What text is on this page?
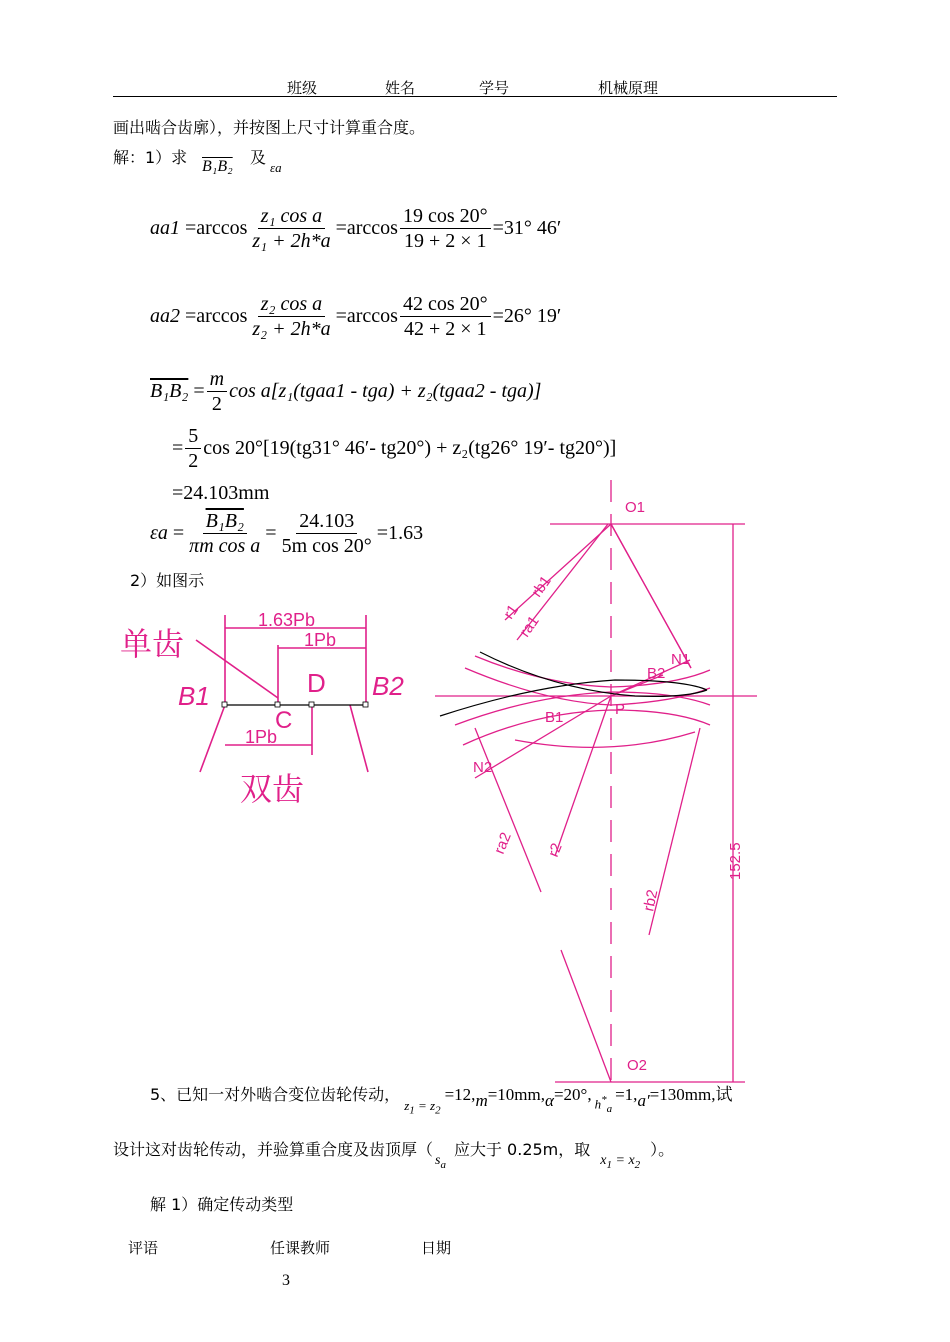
班级	姓名	学号	机械原理
画出啮合齿廓），并按图上尺寸计算重合度。
解：1）求 B₁B₂ 及
εa
$aa1 =\arccos \frac{\text{z₁ cos a}}{\text{z₁ + 2h*a}} =\arccos \frac{19 \cos 20^\circ}{19 + 2 \times 1} =31^\circ$ 46′
$aa2 =\arccos \frac{\text{z₂ cos a}}{\text{z₂ + 2h*a}} =\arccos \frac{42 \cos 20^\circ}{42 + 2 \times 1} =26^\circ$ 19′
$B_1B_2 = \frac{m}{2}$ cos a[z₁(tgaa1 - tga) + z₂(tgaa2 - tga)]
= $\frac{5}{2}$ cos 20°[19(tg31° 46′- tg20°) + z₂(tg26° 19′- tg20°)]
=24.103mm
$\varepsilon a = \frac{\text{B₁B₂}}{\text{πm cos a}} = \frac{24.103}{\text{5m cos 20°}} =1.63$
2）如图示
1.63Pb
1Pb
1Pb
单齿
双齿
B1	B2
C
D
O1
O2
N1
N2
B2
B1	P
rb1
r1
ra1
ra2 r2
rb2
152.5
5、已知一对外啮合变位齿轮传动，
$z_1 = z_2$
=12, m =10mm, α =20°, $h^*_a$
=1, a′ =130mm,试
设计这对齿轮传动，并验算重合度及齿顶厚（
$s_a$
应大于 0.25m，取
$x_1 = x_2$
）。
解 1）确定传动类型
评语	任课教师	日期
3
